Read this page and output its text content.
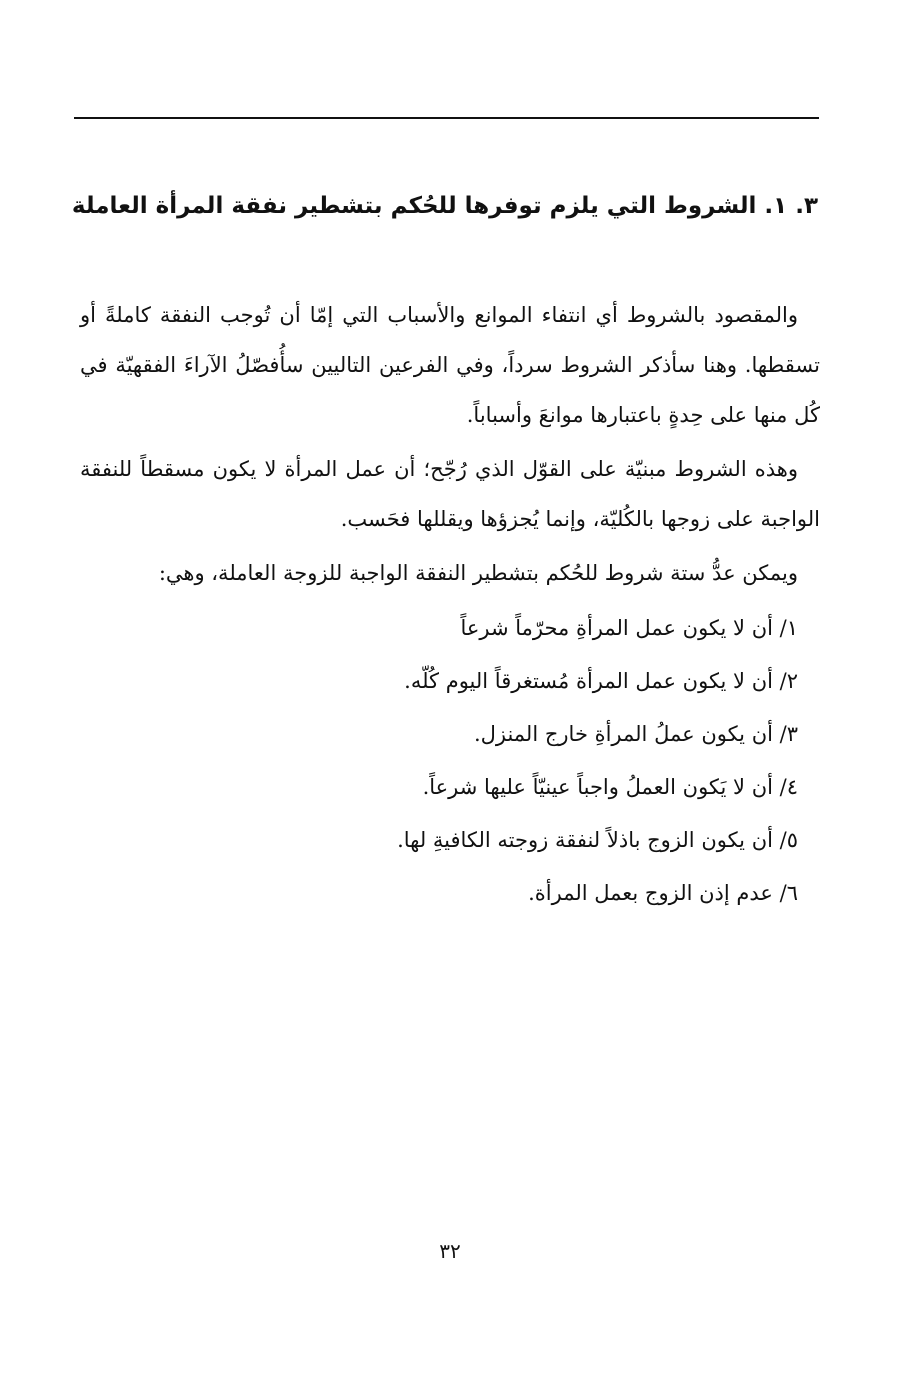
٣. ١. الشروط التي يلزم توفرها للحُكم بتشطير نفقة المرأة العاملة

والمقصود بالشروط أي انتفاء الموانع والأسباب التي إمّا أن تُوجب النفقة كاملةً أو تسقطها. وهنا سأذكر الشروط سرداً، وفي الفرعين التاليين سأُفصّلُ الآراءَ الفقهيّة في كُل منها على حِدةٍ باعتبارها موانعَ وأسباباً.

وهذه الشروط مبنيّة على القوّل الذي رُجّح؛ أن عمل المرأة لا يكون مسقطاً للنفقة الواجبة على زوجها بالكُليّة، وإنما يُجزؤها ويقللها فحَسب.

ويمكن عدُّ ستة شروط للحُكم بتشطير النفقة الواجبة للزوجة العاملة، وهي:

١/ أن لا يكون عمل المرأةِ محرّماً شرعاً
٢/ أن لا يكون عمل المرأة مُستغرقاً اليوم كُلّه.
٣/ أن يكون عملُ المرأةِ خارج المنزل.
٤/ أن لا يَكون العملُ واجباً عينيّاً عليها شرعاً.
٥/ أن يكون الزوج باذلاً لنفقة زوجته الكافيةِ لها.
٦/ عدم إذن الزوج بعمل المرأة.
٣٢
